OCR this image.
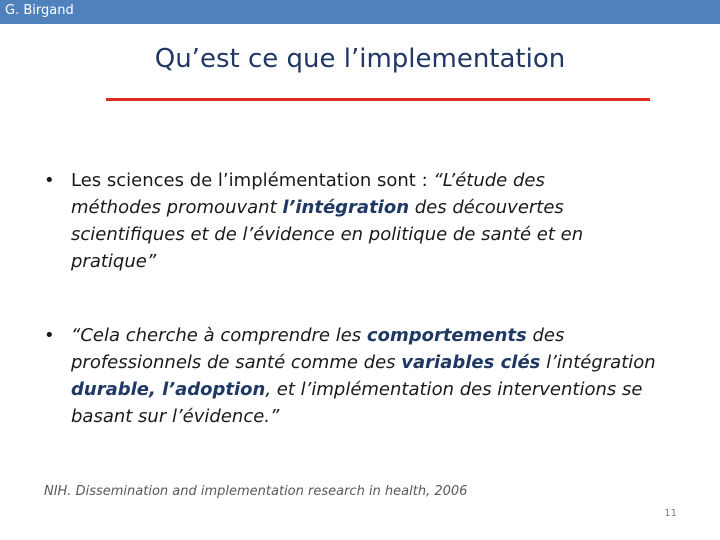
G. Birgand
Qu’est ce que l’implementation
• Les sciences de l’implémentation sont : “L’étude des
méthodes promouvant l’intégration des découvertes
scientifiques et de l’évidence en politique de santé et en
pratique”
• “Cela cherche à comprendre les comportements des
professionnels de santé comme des variables clés l’intégration
durable, l’adoption, et l’implémentation des interventions se
basant sur l’évidence.”
NIH. Dissemination and implementation research in health, 2006
11
